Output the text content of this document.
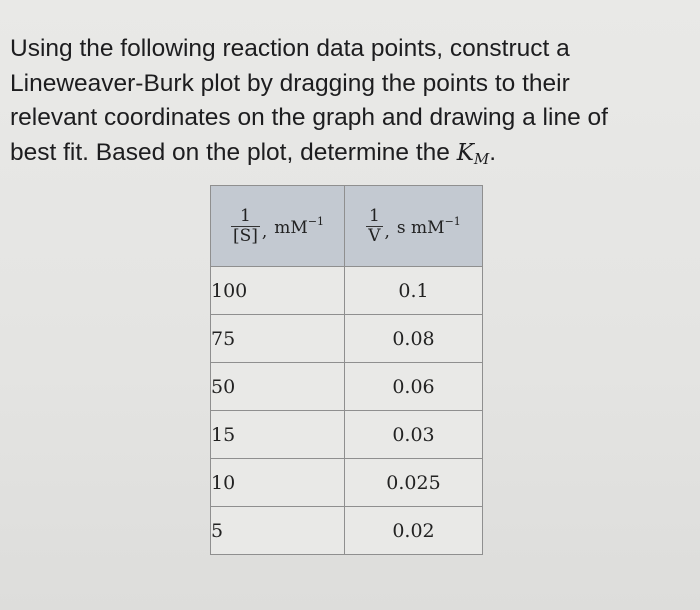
Using the following reaction data points, construct a
Lineweaver-Burk plot by dragging the points to their
relevant coordinates on the graph and drawing a line of
best fit. Based on the plot, determine the $K_M$.

$\frac{1}{[S]}$ , $mM^{-1}$	$\frac{1}{V}$ , s $mM^{-1}$

100	0.1
75	0.08
50	0.06
15	0.03
10	0.025
5	0.02
